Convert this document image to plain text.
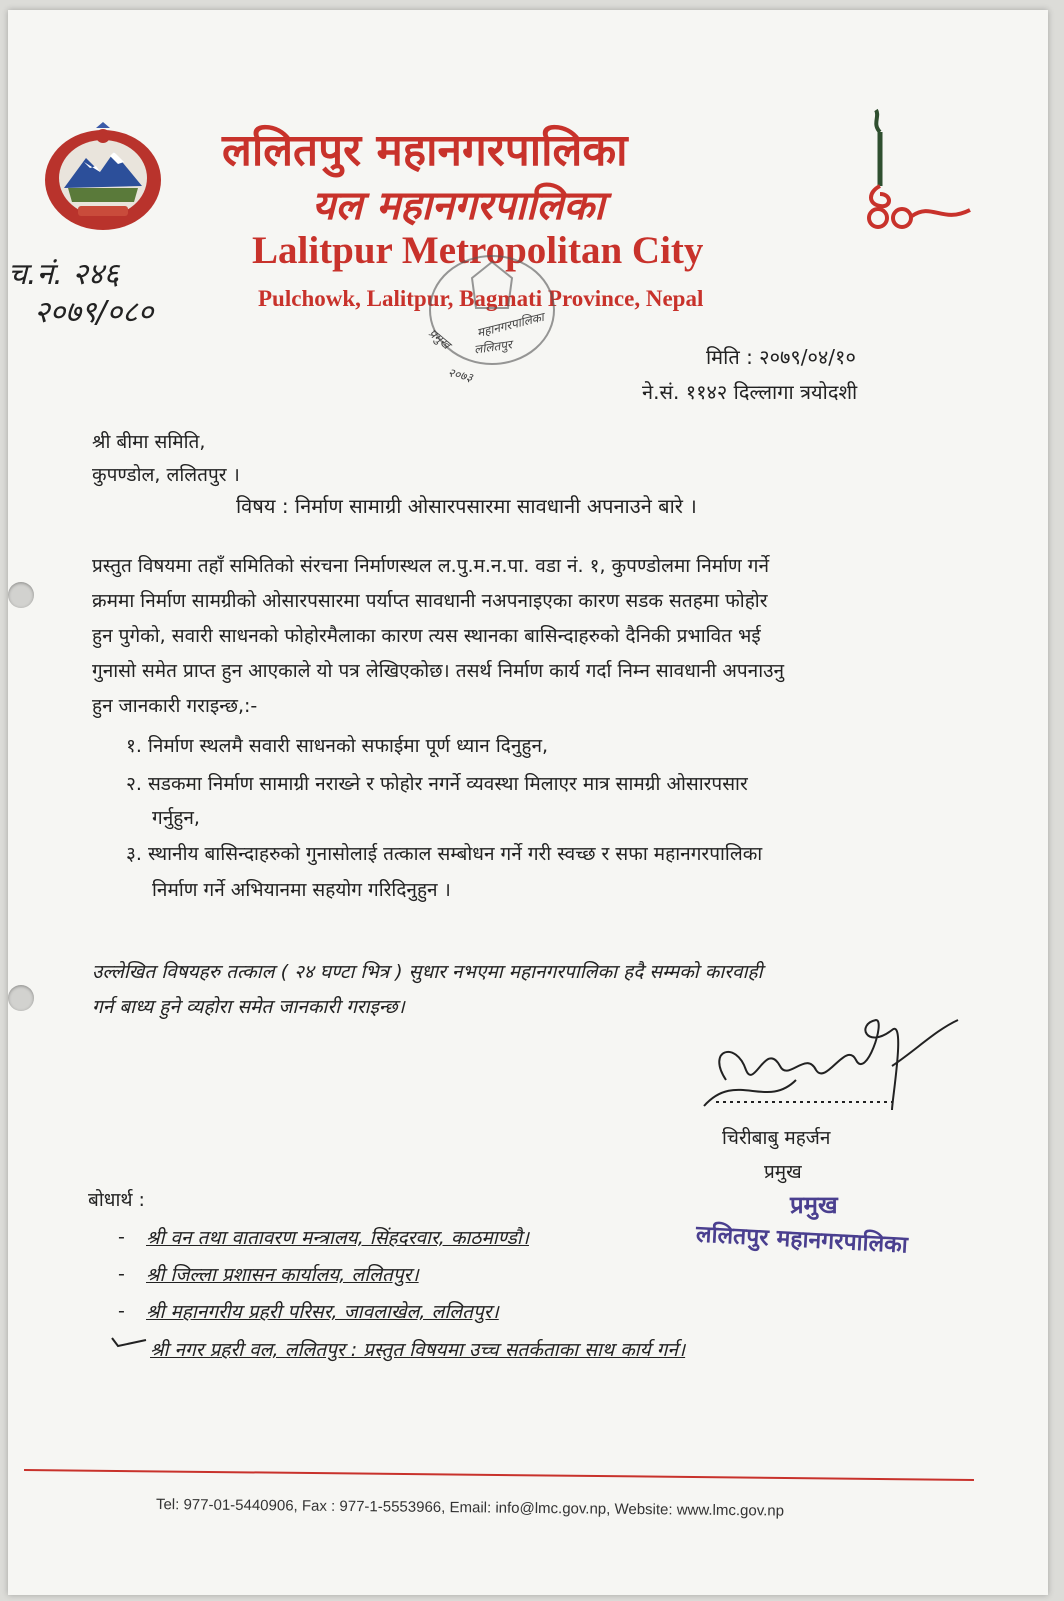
ललितपुर महानगरपालिका
यल महानगरपालिका
Lalitpur Metropolitan City
Pulchowk, Lalitpur, Bagmati Province, Nepal
च.नं. २४६
२०७९/०८०	महानगरपालिका
ललितपुर
प्रमुख
२०७३
मिति : २०७९/०४/१०
ने.सं. ११४२ दिल्लागा त्रयोदशी
श्री बीमा समिति,
कुपण्डोल, ललितपुर ।
विषय : निर्माण सामाग्री ओसारपसारमा सावधानी अपनाउने बारे ।
प्रस्तुत विषयमा तहाँ समितिको संरचना निर्माणस्थल ल.पु.म.न.पा. वडा नं. १, कुपण्डोलमा निर्माण गर्ने
क्रममा निर्माण सामग्रीको ओसारपसारमा पर्याप्त सावधानी नअपनाइएका कारण सडक सतहमा फोहोर
हुन पुगेको, सवारी साधनको फोहोरमैलाका कारण त्यस स्थानका बासिन्दाहरुको दैनिकी प्रभावित भई
गुनासो समेत प्राप्त हुन आएकाले यो पत्र लेखिएकोछ। तसर्थ निर्माण कार्य गर्दा निम्न सावधानी अपनाउनु
हुन जानकारी गराइन्छ,:-
१. निर्माण स्थलमै सवारी साधनको सफाईमा पूर्ण ध्यान दिनुहुन,
२. सडकमा निर्माण सामाग्री नराख्ने र फोहोर नगर्ने व्यवस्था मिलाएर मात्र सामग्री ओसारपसार
गर्नुहुन,
३. स्थानीय बासिन्दाहरुको गुनासोलाई तत्काल सम्बोधन गर्ने गरी स्वच्छ र सफा महानगरपालिका
निर्माण गर्ने अभियानमा सहयोग गरिदिनुहुन ।
उल्लेखित विषयहरु तत्काल ( २४ घण्टा भित्र ) सुधार नभएमा महानगरपालिका हदै सम्मको कारवाही
गर्न बाध्य हुने व्यहोरा समेत जानकारी गराइन्छ।
चिरीबाबु महर्जन
प्रमुख
प्रमुख
ललितपुर महानगरपालिका
बोधार्थ :
- श्री वन तथा वातावरण मन्त्रालय, सिंहदरवार, काठमाण्डौ।
- श्री जिल्ला प्रशासन कार्यालय, ललितपुर।
- श्री महानगरीय प्रहरी परिसर, जावलाखेल, ललितपुर।
श्री नगर प्रहरी वल, ललितपुर : प्रस्तुत विषयमा उच्च सतर्कताका साथ कार्य गर्न।
Tel: 977-01-5440906, Fax : 977-1-5553966, Email: info@lmc.gov.np, Website: www.lmc.gov.np
